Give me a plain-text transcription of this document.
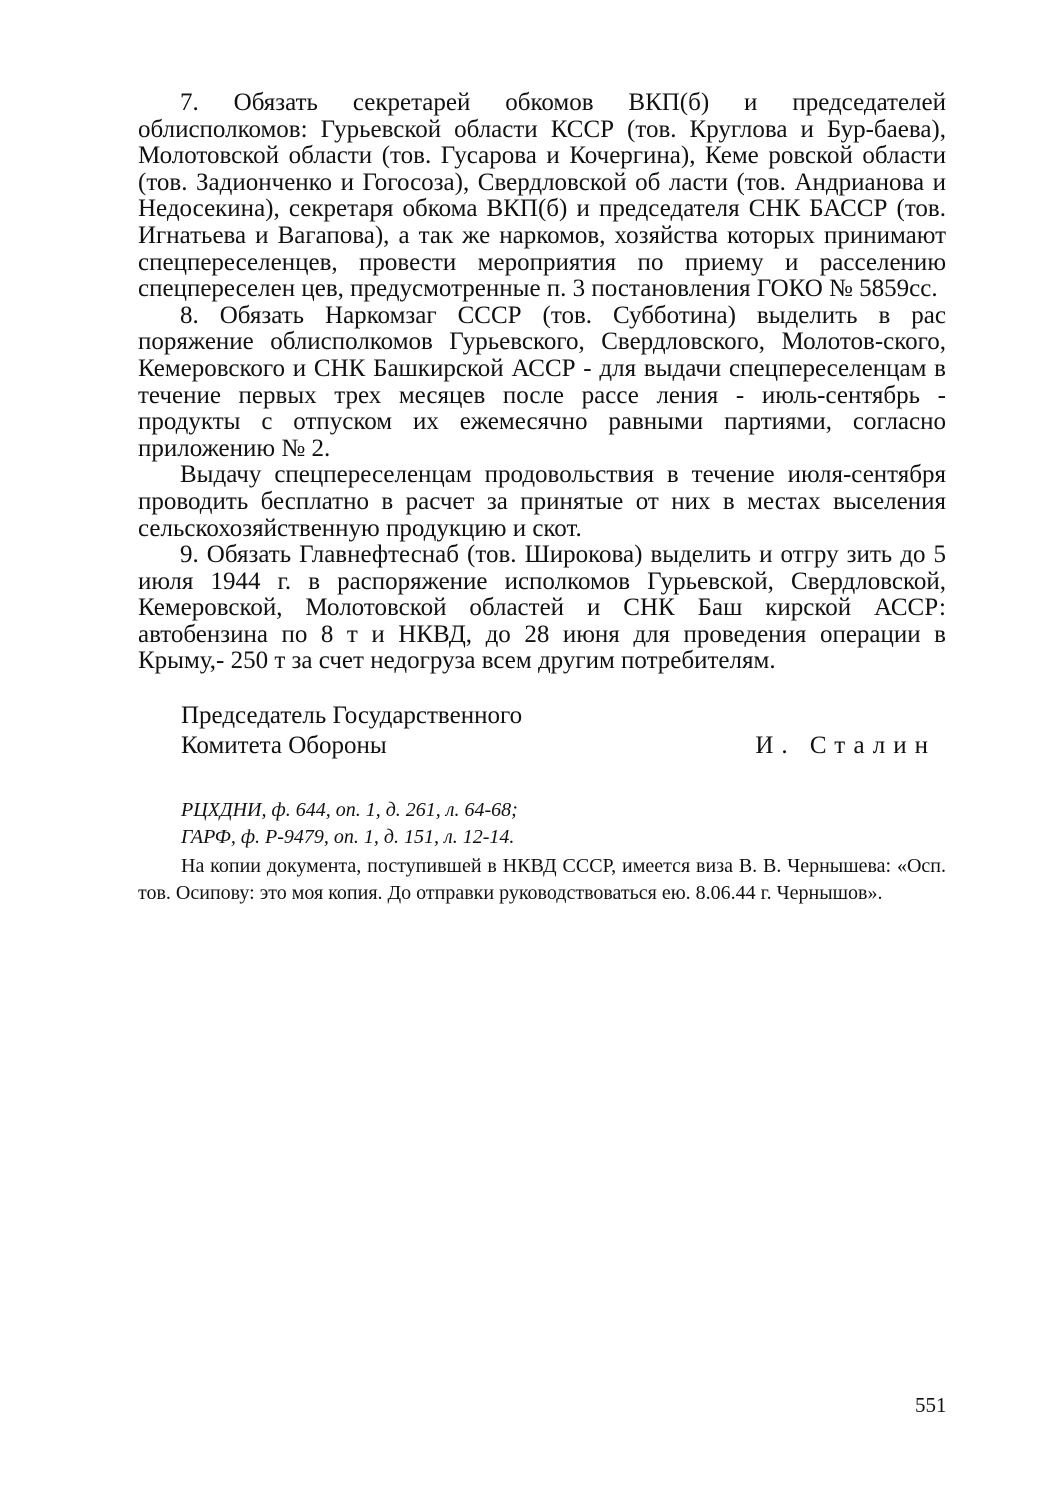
7. Обязать секретарей обкомов ВКП(б) и председателей облисполкомов: Гурьевской области КССР (тов. Круглова и Бур-баева), Молотовской области (тов. Гусарова и Кочергина), Кеме ровской области (тов. Задионченко и Гогосоза), Свердловской об ласти (тов. Андрианова и Недосекина), секретаря обкома ВКП(б) и председателя СНК БАССР (тов. Игнатьева и Вагапова), а так же наркомов, хозяйства которых принимают спецпереселенцев, провести мероприятия по приему и расселению спецпереселен цев, предусмотренные п. 3 постановления ГОКО № 5859сс.

8. Обязать Наркомзаг СССР (тов. Субботина) выделить в рас поряжение облисполкомов Гурьевского, Свердловского, Молотов-ского, Кемеровского и СНК Башкирской АССР - для выдачи спецпереселенцам в течение первых трех месяцев после рассе ления - июль-сентябрь - продукты с отпуском их ежемесячно равными партиями, согласно приложению № 2.

Выдачу спецпереселенцам продовольствия в течение июля-сентября проводить бесплатно в расчет за принятые от них в местах выселения сельскохозяйственную продукцию и скот.

9. Обязать Главнефтеснаб (тов. Широкова) выделить и отгру зить до 5 июля 1944 г. в распоряжение исполкомов Гурьевской, Свердловской, Кемеровской, Молотовской областей и СНК Баш кирской АССР: автобензина по 8 т и НКВД, до 28 июня для проведения операции в Крыму,- 250 т за счет недогруза всем другим потребителям.

Председатель Государственного
Комитета Обороны	И. Сталин
РЦХДНИ, ф. 644, оп. 1, д. 261, л. 64-68;
ГАРФ, ф. Р-9479, оп. 1, д. 151, л. 12-14.

На копии документа, поступившей в НКВД СССР, имеется виза В. В. Чернышева: «Осп. тов. Осипову: это моя копия. До отправки руководствоваться ею. 8.06.44 г. Чернышов».

551
